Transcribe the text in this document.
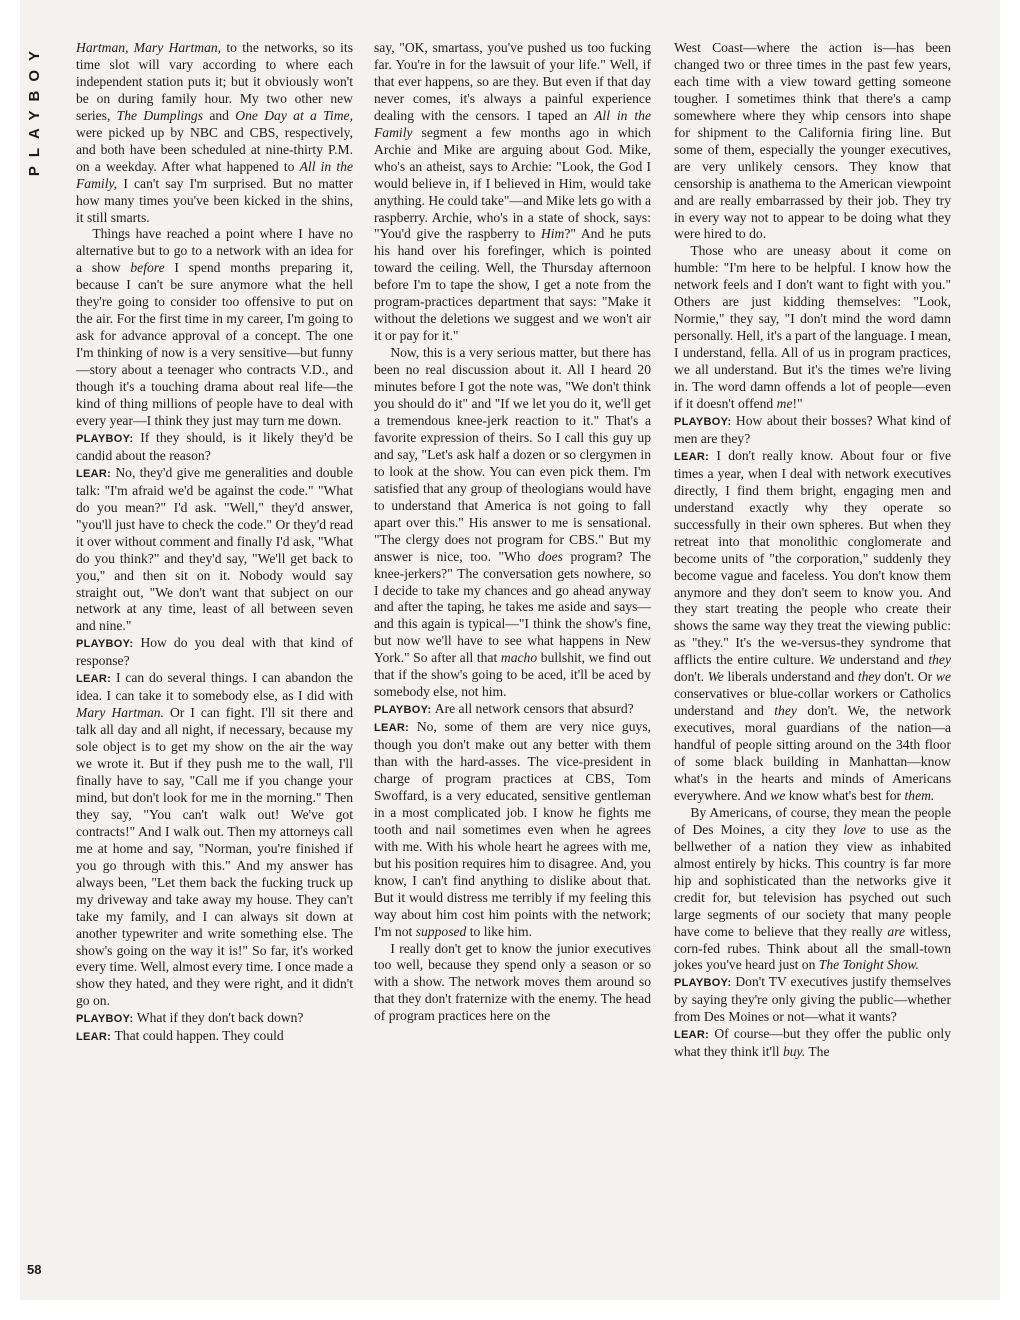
PLAYBOY
58

Hartman, Mary Hartman, to the networks, so its time slot will vary according to where each independent station puts it; but it obviously won't be on during family hour. My two other new series, The Dumplings and One Day at a Time, were picked up by NBC and CBS, respectively, and both have been scheduled at nine-thirty P.M. on a weekday. After what happened to All in the Family, I can't say I'm surprised. But no matter how many times you've been kicked in the shins, it still smarts.

Things have reached a point where I have no alternative but to go to a network with an idea for a show before I spend months preparing it, because I can't be sure anymore what the hell they're going to consider too offensive to put on the air. For the first time in my career, I'm going to ask for advance approval of a concept. The one I'm thinking of now is a very sensitive—but funny—story about a teenager who contracts V.D., and though it's a touching drama about real life—the kind of thing millions of people have to deal with every year—I think they just may turn me down.

PLAYBOY: If they should, is it likely they'd be candid about the reason?

LEAR: No, they'd give me generalities and double talk: "I'm afraid we'd be against the code." "What do you mean?" I'd ask. "Well," they'd answer, "you'll just have to check the code." Or they'd read it over without comment and finally I'd ask, "What do you think?" and they'd say, "We'll get back to you," and then sit on it. Nobody would say straight out, "We don't want that subject on our network at any time, least of all between seven and nine."

PLAYBOY: How do you deal with that kind of response?

LEAR: I can do several things. I can abandon the idea. I can take it to somebody else, as I did with Mary Hartman. Or I can fight. I'll sit there and talk all day and all night, if necessary, because my sole object is to get my show on the air the way we wrote it. But if they push me to the wall, I'll finally have to say, "Call me if you change your mind, but don't look for me in the morning." Then they say, "You can't walk out! We've got contracts!" And I walk out. Then my attorneys call me at home and say, "Norman, you're finished if you go through with this." And my answer has always been, "Let them back the fucking truck up my driveway and take away my house. They can't take my family, and I can always sit down at another typewriter and write something else. The show's going on the way it is!" So far, it's worked every time. Well, almost every time. I once made a show they hated, and they were right, and it didn't go on.

PLAYBOY: What if they don't back down?

LEAR: That could happen. They could

say, "OK, smartass, you've pushed us too fucking far. You're in for the lawsuit of your life." Well, if that ever happens, so are they. But even if that day never comes, it's always a painful experience dealing with the censors. I taped an All in the Family segment a few months ago in which Archie and Mike are arguing about God. Mike, who's an atheist, says to Archie: "Look, the God I would believe in, if I believed in Him, would take anything. He could take"—and Mike lets go with a raspberry. Archie, who's in a state of shock, says: "You'd give the raspberry to Him?" And he puts his hand over his forefinger, which is pointed toward the ceiling. Well, the Thursday afternoon before I'm to tape the show, I get a note from the program-practices department that says: "Make it without the deletions we suggest and we won't air it or pay for it."

Now, this is a very serious matter, but there has been no real discussion about it. All I heard 20 minutes before I got the note was, "We don't think you should do it" and "If we let you do it, we'll get a tremendous knee-jerk reaction to it." That's a favorite expression of theirs. So I call this guy up and say, "Let's ask half a dozen or so clergymen in to look at the show. You can even pick them. I'm satisfied that any group of theologians would have to understand that America is not going to fall apart over this." His answer to me is sensational. "The clergy does not program for CBS." But my answer is nice, too. "Who does program? The knee-jerkers?" The conversation gets nowhere, so I decide to take my chances and go ahead anyway and after the taping, he takes me aside and says—and this again is typical—"I think the show's fine, but now we'll have to see what happens in New York." So after all that macho bullshit, we find out that if the show's going to be aced, it'll be aced by somebody else, not him.

PLAYBOY: Are all network censors that absurd?

LEAR: No, some of them are very nice guys, though you don't make out any better with them than with the hard-asses. The vice-president in charge of program practices at CBS, Tom Swoffard, is a very educated, sensitive gentleman in a most complicated job. I know he fights me tooth and nail sometimes even when he agrees with me. With his whole heart he agrees with me, but his position requires him to disagree. And, you know, I can't find anything to dislike about that. But it would distress me terribly if my feeling this way about him cost him points with the network; I'm not supposed to like him.

I really don't get to know the junior executives too well, because they spend only a season or so with a show. The network moves them around so that they don't fraternize with the enemy. The head of program practices here on the

West Coast—where the action is—has been changed two or three times in the past few years, each time with a view toward getting someone tougher. I sometimes think that there's a camp somewhere where they whip censors into shape for shipment to the California firing line. But some of them, especially the younger executives, are very unlikely censors. They know that censorship is anathema to the American viewpoint and are really embarrassed by their job. They try in every way not to appear to be doing what they were hired to do.

Those who are uneasy about it come on humble: "I'm here to be helpful. I know how the network feels and I don't want to fight with you." Others are just kidding themselves: "Look, Normie," they say, "I don't mind the word damn personally. Hell, it's a part of the language. I mean, I understand, fella. All of us in program practices, we all understand. But it's the times we're living in. The word damn offends a lot of people—even if it doesn't offend me!"

PLAYBOY: How about their bosses? What kind of men are they?

LEAR: I don't really know. About four or five times a year, when I deal with network executives directly, I find them bright, engaging men and understand exactly why they operate so successfully in their own spheres. But when they retreat into that monolithic conglomerate and become units of "the corporation," suddenly they become vague and faceless. You don't know them anymore and they don't seem to know you. And they start treating the people who create their shows the same way they treat the viewing public: as "they." It's the we-versus-they syndrome that afflicts the entire culture. We understand and they don't. We liberals understand and they don't. Or we conservatives or blue-collar workers or Catholics understand and they don't. We, the network executives, moral guardians of the nation—a handful of people sitting around on the 34th floor of some black building in Manhattan—know what's in the hearts and minds of Americans everywhere. And we know what's best for them.

By Americans, of course, they mean the people of Des Moines, a city they love to use as the bellwether of a nation they view as inhabited almost entirely by hicks. This country is far more hip and sophisticated than the networks give it credit for, but television has psyched out such large segments of our society that many people have come to believe that they really are witless, corn-fed rubes. Think about all the small-town jokes you've heard just on The Tonight Show.

PLAYBOY: Don't TV executives justify themselves by saying they're only giving the public—whether from Des Moines or not—what it wants?

LEAR: Of course—but they offer the public only what they think it'll buy. The
